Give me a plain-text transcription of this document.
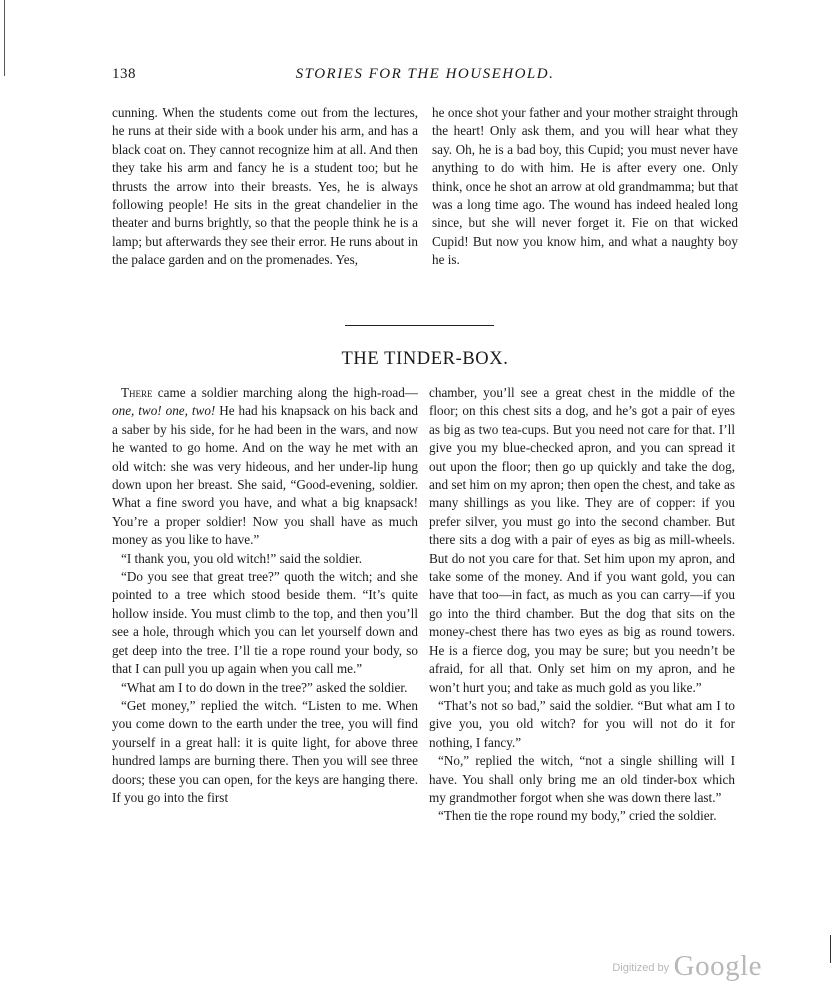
138	STORIES FOR THE HOUSEHOLD.

cunning. When the students come out from the lectures, he runs at their side with a book under his arm, and has a black coat on. They cannot recognize him at all. And then they take his arm and fancy he is a student too; but he thrusts the arrow into their breasts. Yes, he is always following people! He sits in the great chandelier in the theater and burns brightly, so that the people think he is a lamp; but afterwards they see their error. He runs about in the palace garden and on the promenades. Yes,

he once shot your father and your mother straight through the heart! Only ask them, and you will hear what they say. Oh, he is a bad boy, this Cupid; you must never have anything to do with him. He is after every one. Only think, once he shot an arrow at old grandmamma; but that was a long time ago. The wound has indeed healed long since, but she will never forget it. Fie on that wicked Cupid! But now you know him, and what a naughty boy he is.

THE TINDER-BOX.

There came a soldier marching along the high-road—one, two! one, two! He had his knapsack on his back and a saber by his side, for he had been in the wars, and now he wanted to go home. And on the way he met with an old witch: she was very hideous, and her under-lip hung down upon her breast. She said, “Good-evening, soldier. What a fine sword you have, and what a big knapsack! You’re a proper soldier! Now you shall have as much money as you like to have.”

“I thank you, you old witch!” said the soldier.

“Do you see that great tree?” quoth the witch; and she pointed to a tree which stood beside them. “It’s quite hollow inside. You must climb to the top, and then you’ll see a hole, through which you can let yourself down and get deep into the tree. I’ll tie a rope round your body, so that I can pull you up again when you call me.”

“What am I to do down in the tree?” asked the soldier.

“Get money,” replied the witch. “Listen to me. When you come down to the earth under the tree, you will find yourself in a great hall: it is quite light, for above three hundred lamps are burning there. Then you will see three doors; these you can open, for the keys are hanging there. If you go into the first

chamber, you’ll see a great chest in the middle of the floor; on this chest sits a dog, and he’s got a pair of eyes as big as two tea-cups. But you need not care for that. I’ll give you my blue-checked apron, and you can spread it out upon the floor; then go up quickly and take the dog, and set him on my apron; then open the chest, and take as many shillings as you like. They are of copper: if you prefer silver, you must go into the second chamber. But there sits a dog with a pair of eyes as big as mill-wheels. But do not you care for that. Set him upon my apron, and take some of the money. And if you want gold, you can have that too—in fact, as much as you can carry—if you go into the third chamber. But the dog that sits on the money-chest there has two eyes as big as round towers. He is a fierce dog, you may be sure; but you needn’t be afraid, for all that. Only set him on my apron, and he won’t hurt you; and take as much gold as you like.”

“That’s not so bad,” said the soldier. “But what am I to give you, you old witch? for you will not do it for nothing, I fancy.”

“No,” replied the witch, “not a single shilling will I have. You shall only bring me an old tinder-box which my grandmother forgot when she was down there last.”

“Then tie the rope round my body,” cried the soldier.

$^{Digitized by}$ Google
